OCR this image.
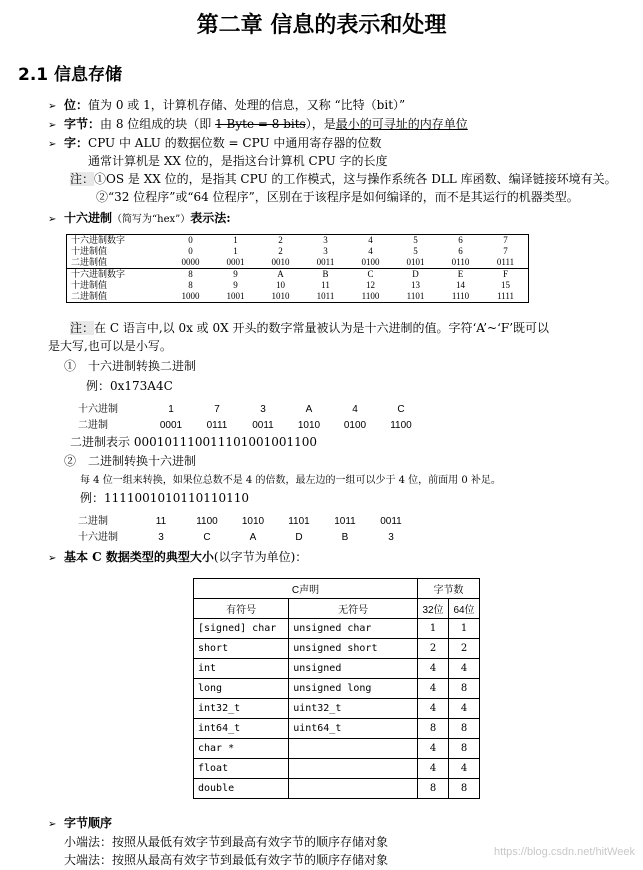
第二章 信息的表示和处理
2.1 信息存储
➢ 位：值为 0 或 1，计算机存储、处理的信息，又称 “比特（bit）”
➢ 字节：由 8 位组成的块（即 1 Byte = 8 bits），是最小的可寻址的内存单位
➢ 字：CPU 中 ALU 的数据位数 = CPU 中通用寄存器的位数
通常计算机是 XX 位的，是指这台计算机 CPU 字的长度
注：①OS 是 XX 位的，是指其 CPU 的工作模式，这与操作系统各 DLL 库函数、编译链接环境有关。
②“32 位程序”或“64 位程序”，区别在于该程序是如何编译的，而不是其运行的机器类型。
➢ 十六进制（简写为“hex”）表示法:
十六进制数字	0	1	2	3	4	5	6	7
十进制值	0	1	2	3	4	5	6	7
二进制值	0000	0001	0010	0011	0100	0101	0110	0111
十六进制数字	8	9	A	B	C	D	E	F
十进制值	8	9	10	11	12	13	14	15
二进制值	1000	1001	1010	1011	1100	1101	1110	1111
注：在 C 语言中,以 0x 或 0X 开头的数字常量被认为是十六进制的值。字符‘A’~‘F’既可以
是大写,也可以是小写。
①　十六进制转换二进制
例：0x173A4C
十六进制	1	7	3	A	4	C
二进制	0001 0111 0011 1010 0100 1100
二进制表示 000101110011101001001100
②　二进制转换十六进制
每 4 位一组来转换，如果位总数不是 4 的倍数，最左边的一组可以少于 4 位，前面用 0 补足。
例：1111001010110110110
二进制	11	1100 1010 1101 1011 0011
十六进制	3	C	A	D	B	3
➢ 基本 C 数据类型的典型大小(以字节为单位)：
C声明		字节数	
有符号	无符号	32位	64位
[signed] char	unsigned char	1	1
short	unsigned short	2	2
int	unsigned	4	4
long	unsigned long	4	8
int32_t	uint32_t	4	4
int64_t	uint64_t	8	8
char *		4	8
float		4	4
double		8	8
➢ 字节顺序
小端法：按照从最低有效字节到最高有效字节的顺序存储对象
大端法：按照从最高有效字节到最低有效字节的顺序存储对象
https://blog.csdn.net/hitWeek
